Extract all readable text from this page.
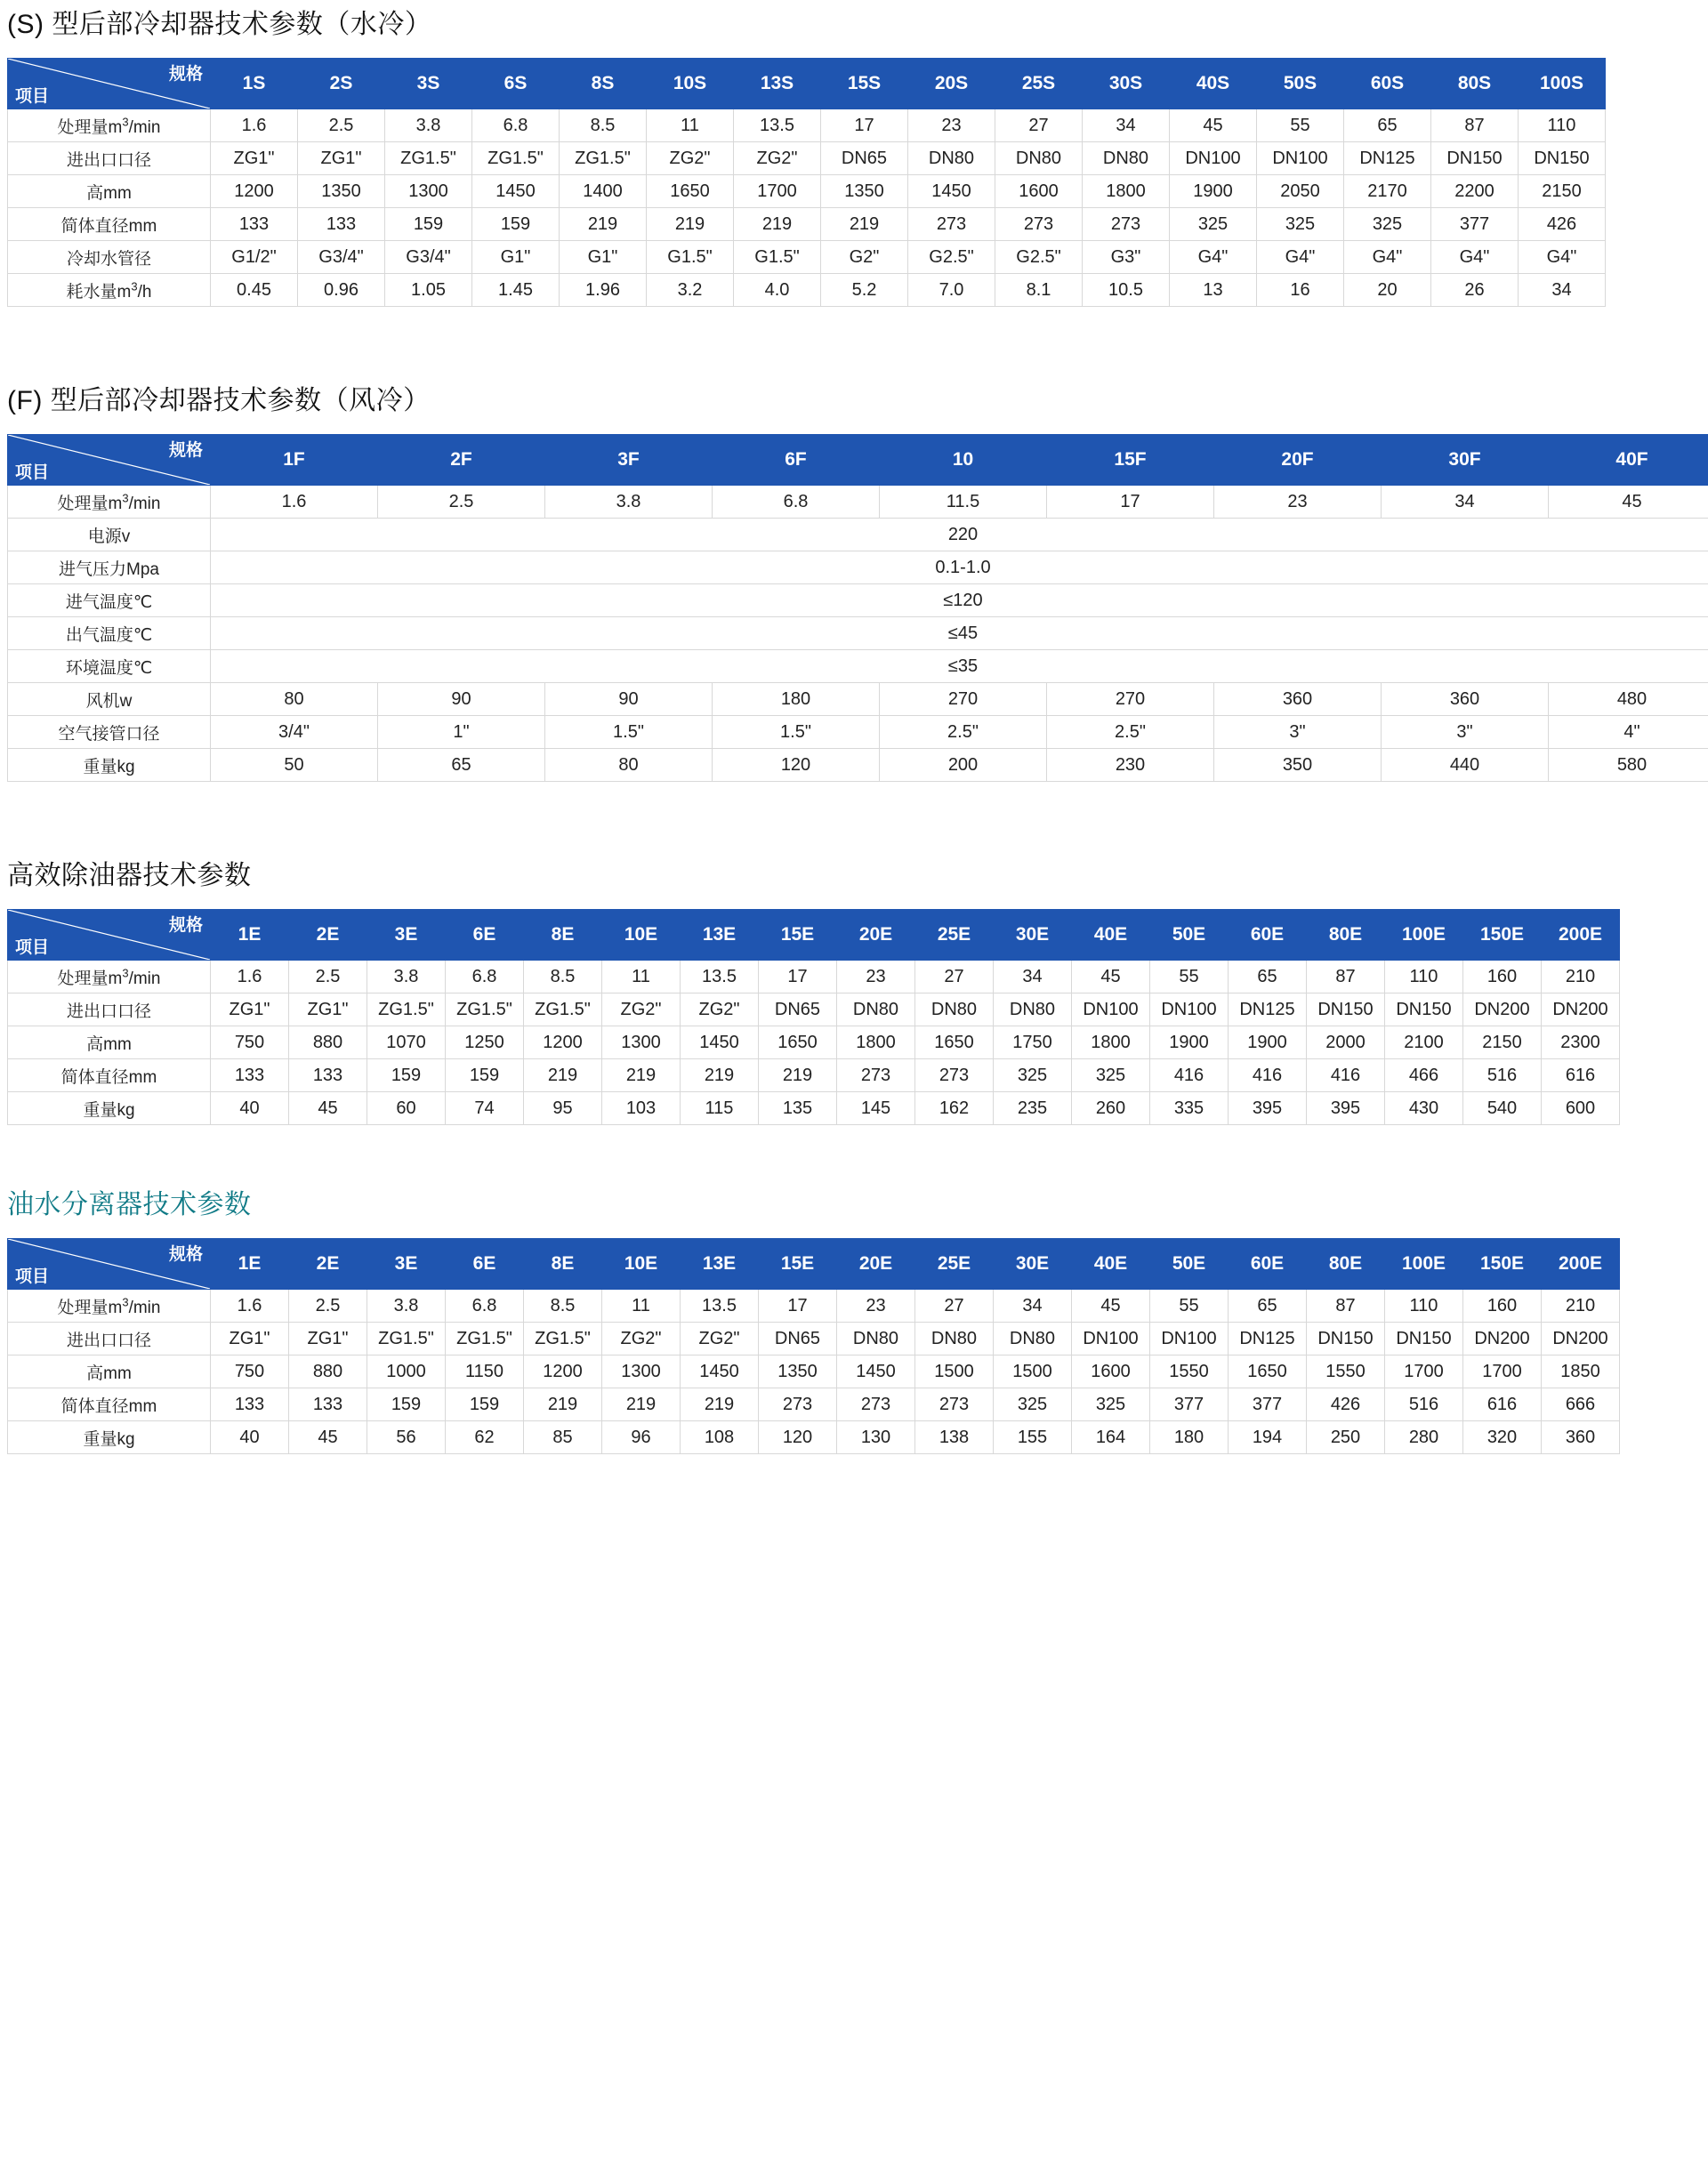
(S) 型后部冷却器技术参数（水冷）
规格
项目	1S	2S	3S	6S	8S	10S	13S	15S	20S	25S	30S	40S	50S	60S	80S	100S
处理量$m^3/\min$	1.6	2.5	3.8	6.8	8.5	11	13.5	17	23	27	34	45	55	65	87	110
进出口口径	ZG1"	ZG1"	ZG1.5"	ZG1.5"	ZG1.5"	ZG2"	ZG2"	DN65	DN80	DN80	DN80	DN100	DN100	DN125	DN150	DN150
高mm	1200	1350	1300	1450	1400	1650	1700	1350	1450	1600	1800	1900	2050	2170	2200	2150
简体直径mm	133	133	159	159	219	219	219	219	273	273	273	325	325	325	377	426
冷却水管径	G1/2"	G3/4"	G3/4"	G1"	G1"	G1.5"	G1.5"	G2"	G2.5"	G2.5"	G3"	G4"	G4"	G4"	G4"	G4"
耗水量$m^3/h$	0.45	0.96	1.05	1.45	1.96	3.2	4.0	5.2	7.0	8.1	10.5	13	16	20	26	34
(F) 型后部冷却器技术参数（风冷）
规格
项目	1F	2F	3F	6F	10	15F	20F	30F	40F
处理量$m^3/\min$	1.6	2.5	3.8	6.8	11.5	17	23	34	45
电源v	220								
进气压力Mpa	0.1-1.0								
进气温度℃	≤120								
出气温度℃	≤45								
环境温度℃	≤35								
风机w	80	90	90	180	270	270	360	360	480
空气接管口径	3/4"	1"	1.5"	1.5"	2.5"	2.5"	3"	3"	4"
重量kg	50	65	80	120	200	230	350	440	580
高效除油器技术参数
规格
项目	1E	2E	3E	6E	8E	10E	13E	15E	20E	25E	30E	40E	50E	60E	80E	100E	150E	200E
处理量$m^3/\min$	1.6	2.5	3.8	6.8	8.5	11	13.5	17	23	27	34	45	55	65	87	110	160	210
进出口口径	ZG1"	ZG1"	ZG1.5"	ZG1.5"	ZG1.5"	ZG2"	ZG2"	DN65	DN80	DN80	DN80	DN100	DN100	DN125	DN150	DN150	DN200	DN200
高mm	750	880	1070	1250	1200	1300	1450	1650	1800	1650	1750	1800	1900	1900	2000	2100	2150	2300
简体直径mm	133	133	159	159	219	219	219	219	273	273	325	325	416	416	416	466	516	616
重量kg	40	45	60	74	95	103	115	135	145	162	235	260	335	395	395	430	540	600
油水分离器技术参数
规格
项目	1E	2E	3E	6E	8E	10E	13E	15E	20E	25E	30E	40E	50E	60E	80E	100E	150E	200E
处理量$m^3/\min$	1.6	2.5	3.8	6.8	8.5	11	13.5	17	23	27	34	45	55	65	87	110	160	210
进出口口径	ZG1"	ZG1"	ZG1.5"	ZG1.5"	ZG1.5"	ZG2"	ZG2"	DN65	DN80	DN80	DN80	DN100	DN100	DN125	DN150	DN150	DN200	DN200
高mm	750	880	1000	1150	1200	1300	1450	1350	1450	1500	1500	1600	1550	1650	1550	1700	1700	1850
简体直径mm	133	133	159	159	219	219	219	273	273	273	325	325	377	377	426	516	616	666
重量kg	40	45	56	62	85	96	108	120	130	138	155	164	180	194	250	280	320	360
